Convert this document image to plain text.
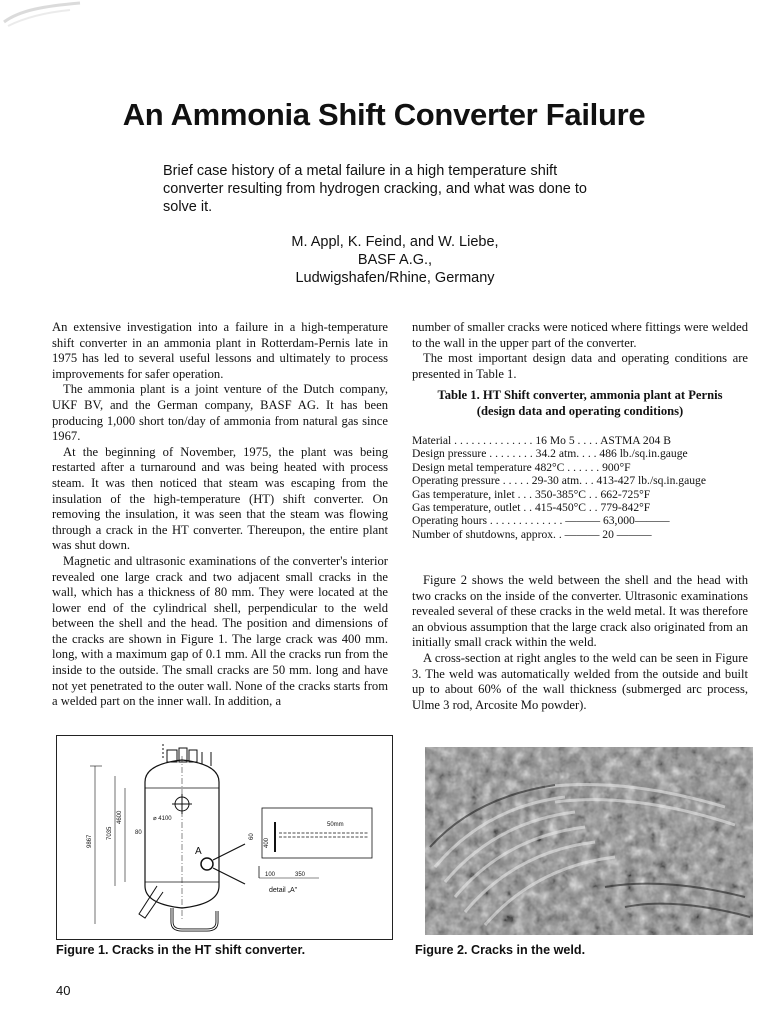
An Ammonia Shift Converter Failure
Brief case history of a metal failure in a high temperature shift converter resulting from hydrogen cracking, and what was done to solve it.
M. Appl, K. Feind, and W. Liebe,
BASF A.G.,
Ludwigshafen/Rhine, Germany

An extensive investigation into a failure in a high-temperature shift converter in an ammonia plant in Rotterdam-Pernis late in 1975 has led to several useful lessons and ultimately to process improvements for safer operation.

The ammonia plant is a joint venture of the Dutch company, UKF BV, and the German company, BASF AG. It has been producing 1,000 short ton/day of ammonia from natural gas since 1967.

At the beginning of November, 1975, the plant was being restarted after a turnaround and was being heated with process steam. It was then noticed that steam was escaping from the insulation of the high-temperature (HT) shift converter. On removing the insulation, it was seen that the steam was flowing through a crack in the HT converter. Thereupon, the entire plant was shut down.

Magnetic and ultrasonic examinations of the converter's interior revealed one large crack and two adjacent small cracks in the wall, which has a thickness of 80 mm. They were located at the lower end of the cylindrical shell, perpendicular to the weld between the shell and the head. The position and dimensions of the cracks are shown in Figure 1. The large crack was 400 mm. long, with a maximum gap of 0.1 mm. All the cracks run from the inside to the outside. The small cracks are 50 mm. long and have not yet penetrated to the outer wall. None of the cracks starts from a welded part on the inner wall. In addition, a

number of smaller cracks were noticed where fittings were welded to the wall in the upper part of the converter.

The most important design data and operating conditions are presented in Table 1.

Table 1. HT Shift converter, ammonia plant at Pernis
(design data and operating conditions)
Material . . . . . . . . . . . . . . 16 Mo 5 . . . . ASTMA 204 B
Design pressure . . . . . . . . 34.2 atm. . . . 486 lb./sq.in.gauge
Design metal temperature 482°C . . . . . . 900°F
Operating pressure . . . . . 29-30 atm. . . 413-427 lb./sq.in.gauge
Gas temperature, inlet . . . 350-385°C . . 662-725°F
Gas temperature, outlet . . 415-450°C . . 779-842°F
Operating hours . . . . . . . . . . . . . ——— 63,000———
Number of shutdowns, approx. . ——— 20 ———

Figure 2 shows the weld between the shell and the head with two cracks on the inside of the converter. Ultrasonic examinations revealed several of these cracks in the weld metal. It was therefore an obvious assumption that the large crack also originated from an initially small crack within the weld.

A cross-section at right angles to the weld can be seen in Figure 3. The weld was automatically welded from the outside and built up to about 60% of the wall thickness (submerged arc process, Ulme 3 rod, Arcosite Mo powder).

A
9867
7035
4600	⌀ 4100
80
50mm
400
60
100	350
detail „A"
Figure 1. Cracks in the HT shift converter.	Figure 2. Cracks in the weld.
40
